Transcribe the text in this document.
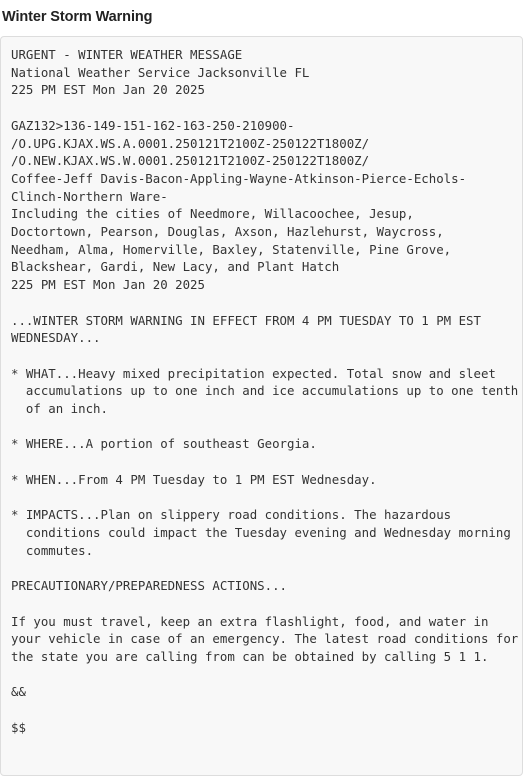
Winter Storm Warning
URGENT - WINTER WEATHER MESSAGE
National Weather Service Jacksonville FL
225 PM EST Mon Jan 20 2025

GAZ132>136-149-151-162-163-250-210900-
/O.UPG.KJAX.WS.A.0001.250121T2100Z-250122T1800Z/
/O.NEW.KJAX.WS.W.0001.250121T2100Z-250122T1800Z/
Coffee-Jeff Davis-Bacon-Appling-Wayne-Atkinson-Pierce-Echols-
Clinch-Northern Ware-
Including the cities of Needmore, Willacoochee, Jesup,
Doctortown, Pearson, Douglas, Axson, Hazlehurst, Waycross,
Needham, Alma, Homerville, Baxley, Statenville, Pine Grove,
Blackshear, Gardi, New Lacy, and Plant Hatch
225 PM EST Mon Jan 20 2025

...WINTER STORM WARNING IN EFFECT FROM 4 PM TUESDAY TO 1 PM EST
WEDNESDAY...

* WHAT...Heavy mixed precipitation expected. Total snow and sleet
accumulations up to one inch and ice accumulations up to one tenth
of an inch.

* WHERE...A portion of southeast Georgia.

* WHEN...From 4 PM Tuesday to 1 PM EST Wednesday.

* IMPACTS...Plan on slippery road conditions. The hazardous
conditions could impact the Tuesday evening and Wednesday morning
commutes.

PRECAUTIONARY/PREPAREDNESS ACTIONS...

If you must travel, keep an extra flashlight, food, and water in
your vehicle in case of an emergency. The latest road conditions for
the state you are calling from can be obtained by calling 5 1 1.

&&

$$
